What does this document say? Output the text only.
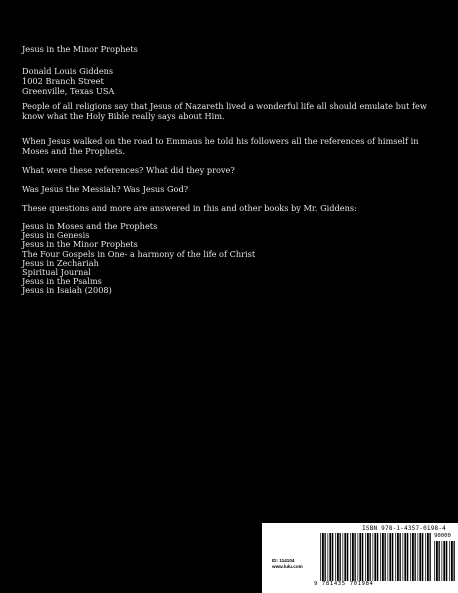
Jesus in the Minor Prophets
Donald Louis Giddens
1002 Branch Street
Greenville, Texas USA
People of all religions say that Jesus of Nazareth lived a wonderful life all should emulate but few know what the Holy Bible really says about Him.
When Jesus walked on the road to Emmaus he told his followers all the references of himself in Moses and the Prophets.
What were these references? What did they prove?
Was Jesus the Messiah? Was Jesus God?
These questions and more are answered in this and other books by Mr. Giddens:
Jesus in Moses and the Prophets
Jesus in Genesis
Jesus in the Minor Prophets
The Four Gospels in One- a harmony of the life of Christ
Jesus in Zechariah
Spiritual Journal
Jesus in the Psalms
Jesus in Isaiah (2008)
ISBN 978-1-4357-0198-4
ID: 114104
www.lulu.com
90000
9 781435 701984
